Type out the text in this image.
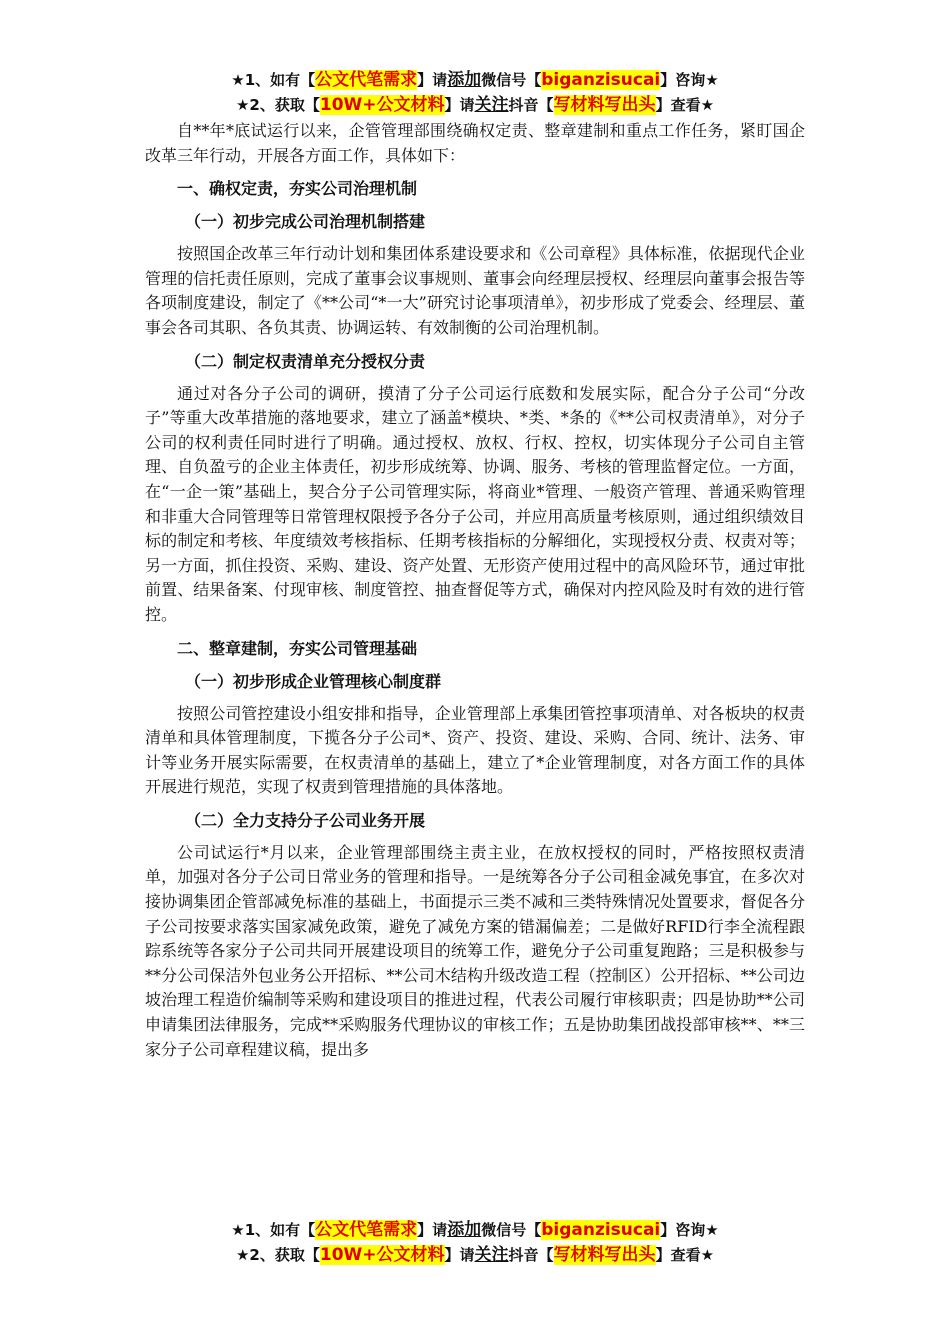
★1、如有【公文代笔需求】请添加微信号【biganzisucai】咨询★
★2、获取【10W+公文材料】请关注抖音【写材料写出头】查看★

自**年*底试运行以来，企管管理部围绕确权定责、整章建制和重点工作任务，紧盯国企改革三年行动，开展各方面工作，具体如下：

一、确权定责，夯实公司治理机制
（一）初步完成公司治理机制搭建

按照国企改革三年行动计划和集团体系建设要求和《公司章程》具体标准，依据现代企业管理的信托责任原则，完成了董事会议事规则、董事会向经理层授权、经理层向董事会报告等各项制度建设，制定了《**公司“*一大”研究讨论事项清单》，初步形成了党委会、经理层、董事会各司其职、各负其责、协调运转、有效制衡的公司治理机制。

（二）制定权责清单充分授权分责

通过对各分子公司的调研，摸清了分子公司运行底数和发展实际，配合分子公司“分改子”等重大改革措施的落地要求，建立了涵盖*模块、*类、*条的《**公司权责清单》，对分子公司的权利责任同时进行了明确。通过授权、放权、行权、控权，切实体现分子公司自主管理、自负盈亏的企业主体责任，初步形成统筹、协调、服务、考核的管理监督定位。一方面，在“一企一策”基础上，契合分子公司管理实际，将商业*管理、一般资产管理、普通采购管理和非重大合同管理等日常管理权限授予各分子公司，并应用高质量考核原则，通过组织绩效目标的制定和考核、年度绩效考核指标、任期考核指标的分解细化，实现授权分责、权责对等；另一方面，抓住投资、采购、建设、资产处置、无形资产使用过程中的高风险环节，通过审批前置、结果备案、付现审核、制度管控、抽查督促等方式，确保对内控风险及时有效的进行管控。

二、整章建制，夯实公司管理基础
（一）初步形成企业管理核心制度群

按照公司管控建设小组安排和指导，企业管理部上承集团管控事项清单、对各板块的权责清单和具体管理制度，下揽各分子公司*、资产、投资、建设、采购、合同、统计、法务、审计等业务开展实际需要，在权责清单的基础上，建立了*企业管理制度，对各方面工作的具体开展进行规范，实现了权责到管理措施的具体落地。

（二）全力支持分子公司业务开展

公司试运行*月以来，企业管理部围绕主责主业，在放权授权的同时，严格按照权责清单，加强对各分子公司日常业务的管理和指导。一是统筹各分子公司租金减免事宜，在多次对接协调集团企管部减免标准的基础上，书面提示三类不减和三类特殊情况处置要求，督促各分子公司按要求落实国家减免政策，避免了减免方案的错漏偏差；二是做好RFID行李全流程跟踪系统等各家分子公司共同开展建设项目的统筹工作，避免分子公司重复跑路；三是积极参与**分公司保洁外包业务公开招标、**公司木结构升级改造工程（控制区）公开招标、**公司边坡治理工程造价编制等采购和建设项目的推进过程，代表公司履行审核职责；四是协助**公司申请集团法律服务，完成**采购服务代理协议的审核工作；五是协助集团战投部审核**、**三家分子公司章程建议稿，提出多

★1、如有【公文代笔需求】请添加微信号【biganzisucai】咨询★
★2、获取【10W+公文材料】请关注抖音【写材料写出头】查看★
